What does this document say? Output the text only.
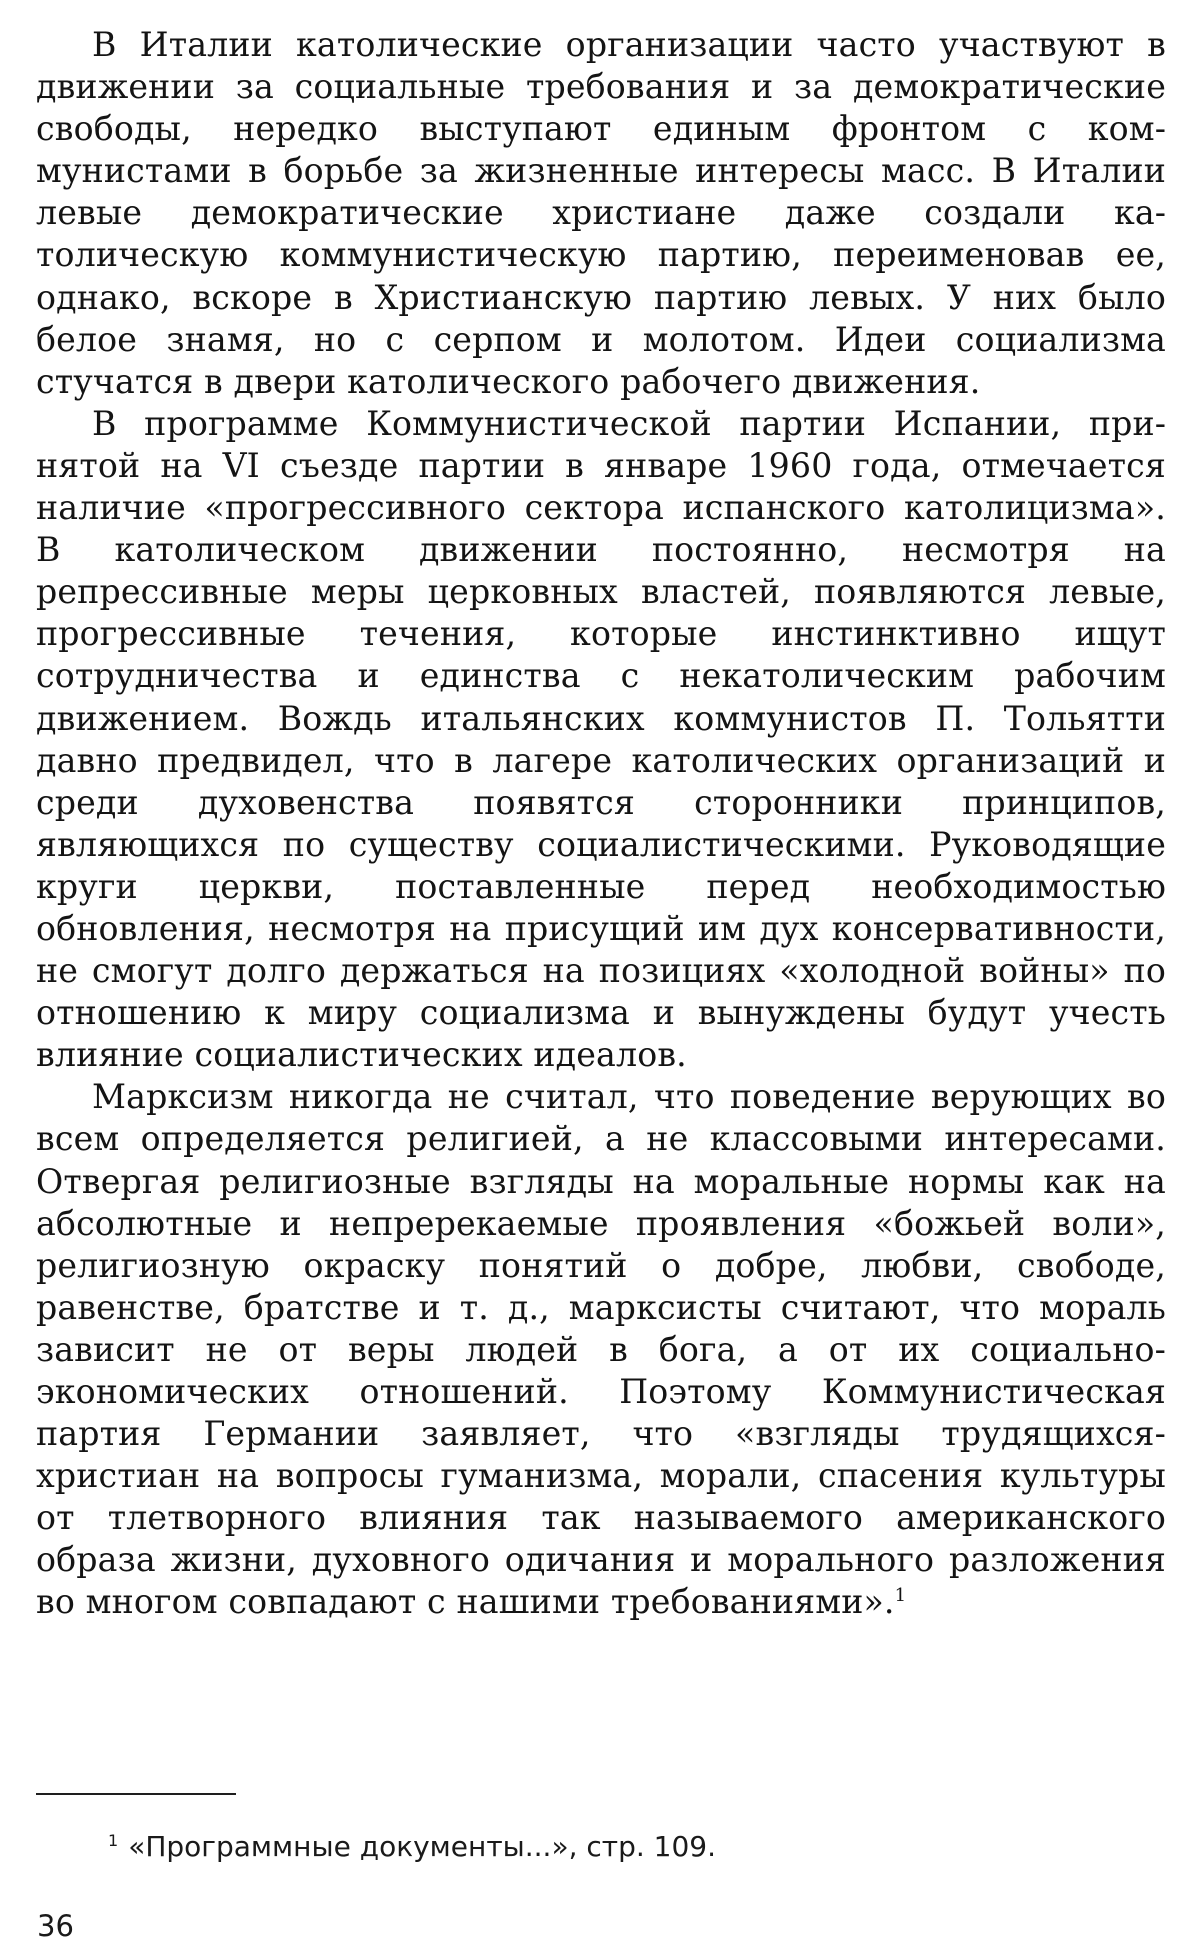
В Италии католические организации часто участвуют в движении за социальные требования и за демократические свободы, нередко выступают единым фронтом с коммунистами в борьбе за жизненные интересы масс. В Италии левые демократические христиане даже создали католическую коммунистическую партию, переименовав ее, однако, вскоре в Христианскую партию левых. У них было белое знамя, но с серпом и молотом. Идеи социализма стучатся в двери католического рабочего движения.

В программе Коммунистической партии Испании, принятой на VI съезде партии в январе 1960 года, отмечается наличие «прогрессивного сектора испанского католицизма». В католическом движении постоянно, несмотря на репрессивные меры церковных властей, появляются левые, прогрессивные течения, которые инстинктивно ищут сотрудничества и единства с некатолическим рабочим движением. Вождь итальянских коммунистов П. Тольятти давно предвидел, что в лагере католических организаций и среди духовенства появятся сторонники принципов, являющихся по существу социалистическими. Руководящие круги церкви, поставленные перед необходимостью обновления, несмотря на присущий им дух консервативности, не смогут долго держаться на позициях «холодной войны» по отношению к миру социализма и вынуждены будут учесть влияние социалистических идеалов.

Марксизм никогда не считал, что поведение верующих во всем определяется религией, а не классовыми интересами. Отвергая религиозные взгляды на моральные нормы как на абсолютные и непререкаемые проявления «божьей воли», религиозную окраску понятий о добре, любви, свободе, равенстве, братстве и т. д., марксисты считают, что мораль зависит не от веры людей в бога, а от их социально-экономических отношений. Поэтому Коммунистическая партия Германии заявляет, что «взгляды трудящихся-христиан на вопросы гуманизма, морали, спасения культуры от тлетворного влияния так называемого американского образа жизни, духовного одичания и морального разложения во многом совпадают с нашими требованиями».$^1$

$^1$ «Программные документы...», стр. 109.

36
